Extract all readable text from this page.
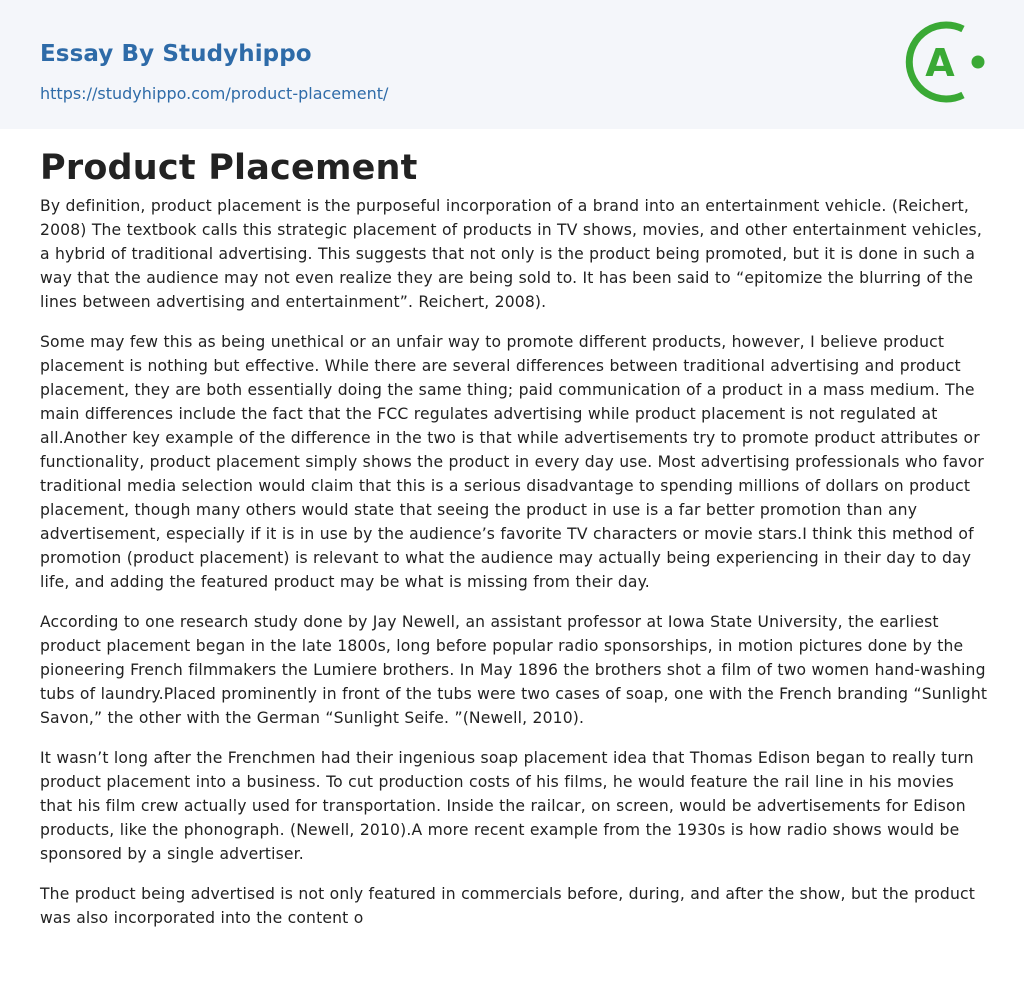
Essay By Studyhippo
https://studyhippo.com/product-placement/
A
Product Placement

By definition, product placement is the purposeful incorporation of a brand into an entertainment vehicle. (Reichert, 2008) The textbook calls this strategic placement of products in TV shows, movies, and other entertainment vehicles, a hybrid of traditional advertising. This suggests that not only is the product being promoted, but it is done in such a way that the audience may not even realize they are being sold to. It has been said to “epitomize the blurring of the lines between advertising and entertainment”. Reichert, 2008).

Some may few this as being unethical or an unfair way to promote different products, however, I believe product placement is nothing but effective. While there are several differences between traditional advertising and product placement, they are both essentially doing the same thing; paid communication of a product in a mass medium. The main differences include the fact that the FCC regulates advertising while product placement is not regulated at all.Another key example of the difference in the two is that while advertisements try to promote product attributes or functionality, product placement simply shows the product in every day use. Most advertising professionals who favor traditional media selection would claim that this is a serious disadvantage to spending millions of dollars on product placement, though many others would state that seeing the product in use is a far better promotion than any advertisement, especially if it is in use by the audience’s favorite TV characters or movie stars.I think this method of promotion (product placement) is relevant to what the audience may actually being experiencing in their day to day life, and adding the featured product may be what is missing from their day.

According to one research study done by Jay Newell, an assistant professor at Iowa State University, the earliest product placement began in the late 1800s, long before popular radio sponsorships, in motion pictures done by the pioneering French filmmakers the Lumiere brothers. In May 1896 the brothers shot a film of two women hand-washing tubs of laundry.Placed prominently in front of the tubs were two cases of soap, one with the French branding “Sunlight Savon,” the other with the German “Sunlight Seife. ”(Newell, 2010).

It wasn’t long after the Frenchmen had their ingenious soap placement idea that Thomas Edison began to really turn product placement into a business. To cut production costs of his films, he would feature the rail line in his movies that his film crew actually used for transportation. Inside the railcar, on screen, would be advertisements for Edison products, like the phonograph. (Newell, 2010).A more recent example from the 1930s is how radio shows would be sponsored by a single advertiser.

The product being advertised is not only featured in commercials before, during, and after the show, but the product was also incorporated into the content o
